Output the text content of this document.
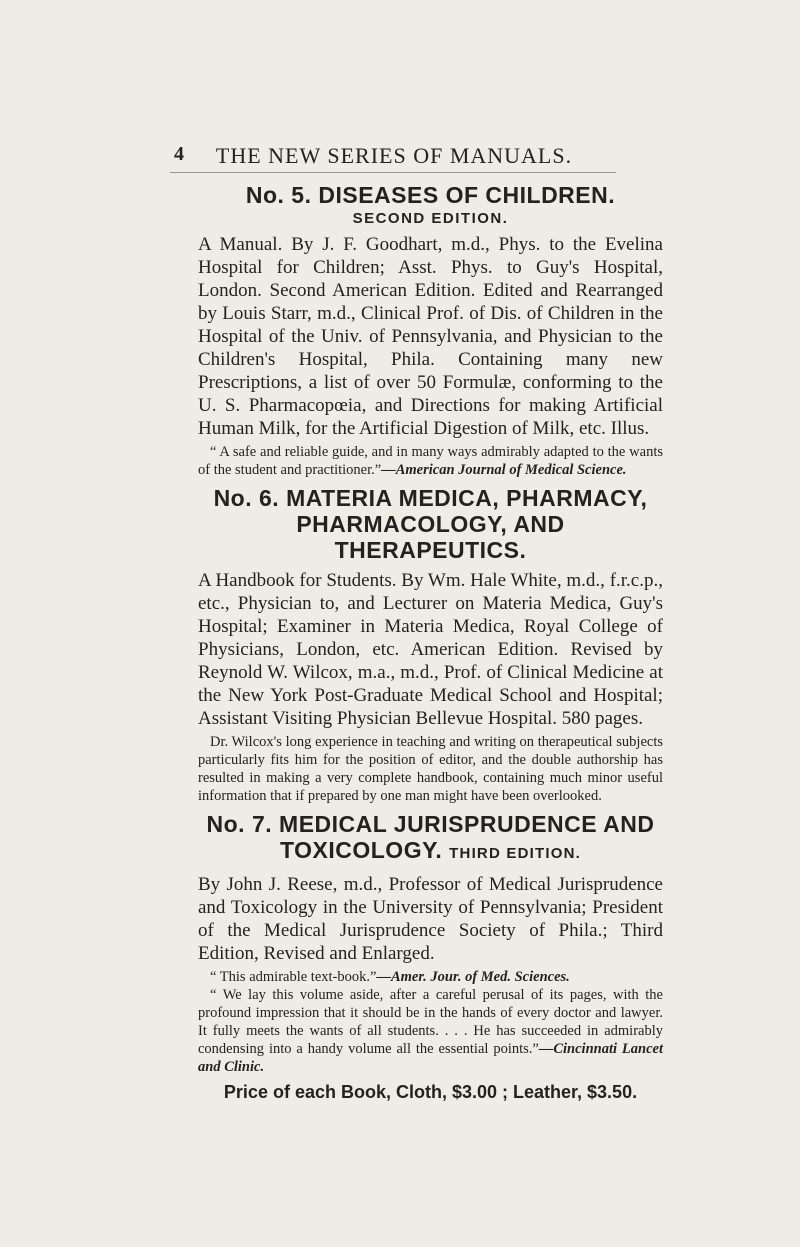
4	THE NEW SERIES OF MANUALS.

No. 5. DISEASES OF CHILDREN.

SECOND EDITION.

A Manual. By J. F. Goodhart, m.d., Phys. to the Evelina Hospital for Children; Asst. Phys. to Guy's Hospital, London. Second American Edition. Edited and Rearranged by Louis Starr, m.d., Clinical Prof. of Dis. of Children in the Hospital of the Univ. of Pennsylvania, and Physician to the Children's Hospital, Phila. Containing many new Prescriptions, a list of over 50 Formulæ, conforming to the U. S. Pharmacopœia, and Directions for making Artificial Human Milk, for the Artificial Digestion of Milk, etc. Illus.

“ A safe and reliable guide, and in many ways admirably adapted to the wants of the student and practitioner.”—American Journal of Medical Science.

No. 6. MATERIA MEDICA, PHARMACY, PHARMACOLOGY, AND THERAPEUTICS.

A Handbook for Students. By Wm. Hale White, m.d., f.r.c.p., etc., Physician to, and Lecturer on Materia Medica, Guy's Hospital; Examiner in Materia Medica, Royal College of Physicians, London, etc. American Edition. Revised by Reynold W. Wilcox, m.a., m.d., Prof. of Clinical Medicine at the New York Post-Graduate Medical School and Hospital; Assistant Visiting Physician Bellevue Hospital. 580 pages.

Dr. Wilcox's long experience in teaching and writing on therapeutical subjects particularly fits him for the position of editor, and the double authorship has resulted in making a very complete handbook, containing much minor useful information that if prepared by one man might have been overlooked.

No. 7. MEDICAL JURISPRUDENCE AND TOXICOLOGY. THIRD EDITION.

By John J. Reese, m.d., Professor of Medical Jurisprudence and Toxicology in the University of Pennsylvania; President of the Medical Jurisprudence Society of Phila.; Third Edition, Revised and Enlarged.

“ This admirable text-book.”—Amer. Jour. of Med. Sciences.

“ We lay this volume aside, after a careful perusal of its pages, with the profound impression that it should be in the hands of every doctor and lawyer. It fully meets the wants of all students. . . . He has succeeded in admirably condensing into a handy volume all the essential points.”—Cincinnati Lancet and Clinic.

Price of each Book, Cloth, $3.00 ; Leather, $3.50.
